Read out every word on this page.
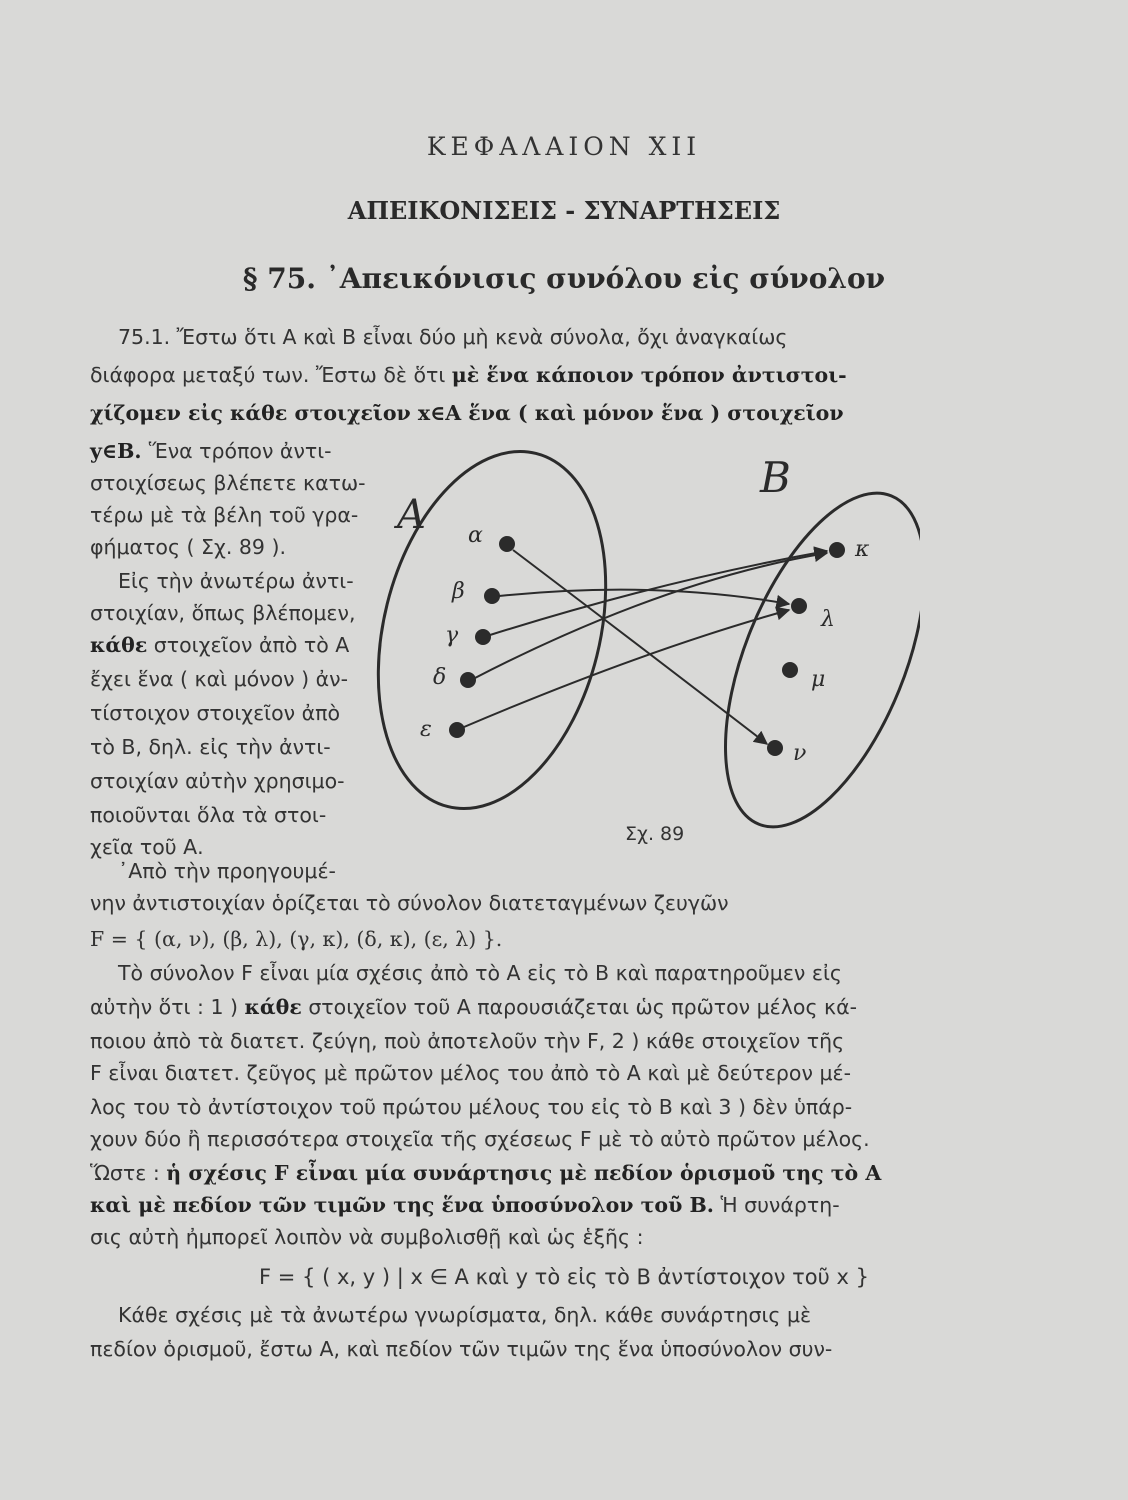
ΚΕΦΑΛΑΙΟΝ XII
ΑΠΕΙΚΟΝΙΣΕΙΣ - ΣΥΝΑΡΤΗΣΕΙΣ
§ 75. ᾿Απεικόνισις συνόλου εἰς σύνολον
75.1. Ἔστω ὅτι Α καὶ Β εἶναι δύο μὴ κενὰ σύνολα, ὄχι ἀναγκαίως
διάφορα μεταξύ των. Ἔστω δὲ ὅτι μὲ ἕνα κάποιον τρόπον ἀντιστοι-
χίζομεν εἰς κάθε στοιχεῖον x∈A ἕνα ( καὶ μόνον ἕνα ) στοιχεῖον
y∈B. Ἕνα τρόπον ἀντι-
στοιχίσεως βλέπετε κατω-
τέρω μὲ τὰ βέλη τοῦ γρα-
φήματος ( Σχ. 89 ).
Εἰς τὴν ἀνωτέρω ἀντι-
στοιχίαν, ὅπως βλέπομεν,
κάθε στοιχεῖον ἀπὸ τὸ Α
ἔχει ἕνα ( καὶ μόνον ) ἀν-
τίστοιχον στοιχεῖον ἀπὸ
τὸ Β, δηλ. εἰς τὴν ἀντι-
στοιχίαν αὐτὴν χρησιμο-
ποιοῦνται ὅλα τὰ στοι-
χεῖα τοῦ Α.
A
B
α
β
γ
δ
ε
κ
λ
μ
ν
Σχ. 89
᾿Απὸ τὴν προηγουμέ-
νην ἀντιστοιχίαν ὁρίζεται τὸ σύνολον διατεταγμένων ζευγῶν
F = { (α, ν), (β, λ), (γ, κ), (δ, κ), (ε, λ) }.
Τὸ σύνολον F εἶναι μία σχέσις ἀπὸ τὸ Α εἰς τὸ Β καὶ παρατηροῦμεν εἰς
αὐτὴν ὅτι : 1 ) κάθε στοιχεῖον τοῦ Α παρουσιάζεται ὡς πρῶτον μέλος κά-
ποιου ἀπὸ τὰ διατετ. ζεύγη, ποὺ ἀποτελοῦν τὴν F, 2 ) κάθε στοιχεῖον τῆς
F εἶναι διατετ. ζεῦγος μὲ πρῶτον μέλος του ἀπὸ τὸ Α καὶ μὲ δεύτερον μέ-
λος του τὸ ἀντίστοιχον τοῦ πρώτου μέλους του εἰς τὸ Β καὶ 3 ) δὲν ὑπάρ-
χουν δύο ἢ περισσότερα στοιχεῖα τῆς σχέσεως F μὲ τὸ αὐτὸ πρῶτον μέλος.
Ὥστε : ἡ σχέσις F εἶναι μία συνάρτησις μὲ πεδίον ὁρισμοῦ της τὸ Α
καὶ μὲ πεδίον τῶν τιμῶν της ἕνα ὑποσύνολον τοῦ Β. Ἡ συνάρτη-
σις αὐτὴ ἠμπορεῖ λοιπὸν νὰ συμβολισθῇ καὶ ὡς ἑξῆς :
F = { ( x, y ) | x ∈ A καὶ y τὸ εἰς τὸ Β ἀντίστοιχον τοῦ x }
Κάθε σχέσις μὲ τὰ ἀνωτέρω γνωρίσματα, δηλ. κάθε συνάρτησις μὲ
πεδίον ὁρισμοῦ, ἔστω Α, καὶ πεδίον τῶν τιμῶν της ἕνα ὑποσύνολον συν-
